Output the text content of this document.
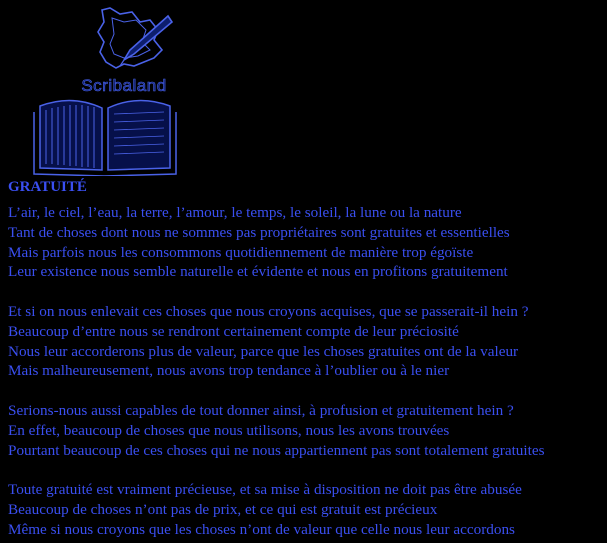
Scribaland
GRATUITÉ
L’air, le ciel, l’eau, la terre, l’amour, le temps, le soleil, la lune ou la nature
Tant de choses dont nous ne sommes pas propriétaires sont gratuites et essentielles
Mais parfois nous les consommons quotidiennement de manière trop égoïste
Leur existence nous semble naturelle et évidente et nous en profitons gratuitement
Et si on nous enlevait ces choses que nous croyons acquises, que se passerait-il hein ?
Beaucoup d’entre nous se rendront certainement compte de leur préciosité
Nous leur accorderons plus de valeur, parce que les choses gratuites ont de la valeur
Mais malheureusement, nous avons trop tendance à l’oublier ou à le nier
Serions-nous aussi capables de tout donner ainsi, à profusion et gratuitement hein ?
En effet, beaucoup de choses que nous utilisons, nous les avons trouvées
Pourtant beaucoup de ces choses qui ne nous appartiennent pas sont totalement gratuites
Toute gratuité est vraiment précieuse, et sa mise à disposition ne doit pas être abusée
Beaucoup de choses n’ont pas de prix, et ce qui est gratuit est précieux
Même si nous croyons que les choses n’ont de valeur que celle nous leur accordons
